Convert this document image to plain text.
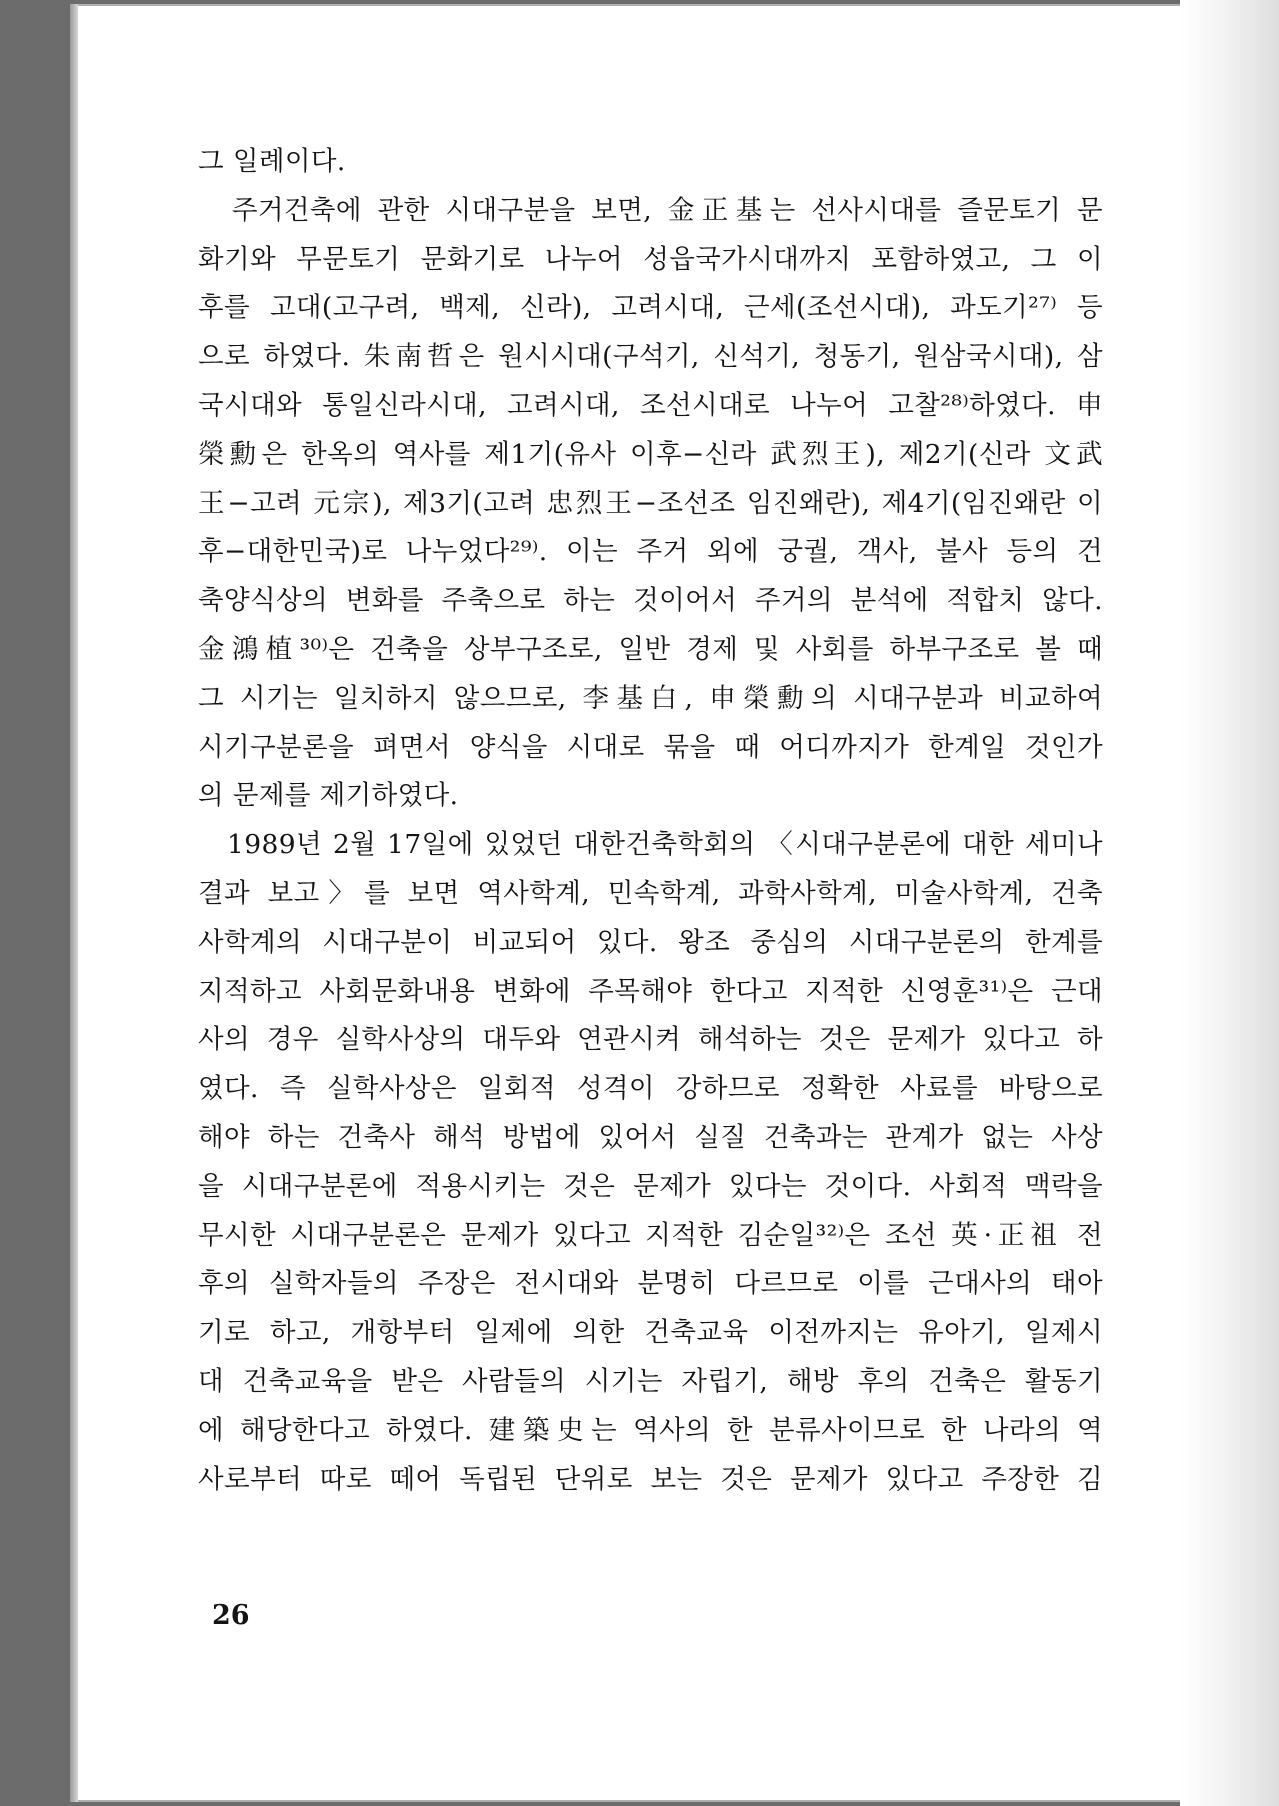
그 일례이다.
　주거건축에 관한 시대구분을 보면, 金正基는 선사시대를 즐문토기 문
화기와 무문토기 문화기로 나누어 성읍국가시대까지 포함하였고, 그 이
후를 고대(고구려, 백제, 신라), 고려시대, 근세(조선시대), 과도기²⁷⁾ 등
으로 하였다. 朱南哲은 원시시대(구석기, 신석기, 청동기, 원삼국시대), 삼
국시대와 통일신라시대, 고려시대, 조선시대로 나누어 고찰²⁸⁾하였다. 申
榮勳은 한옥의 역사를 제1기(유사 이후−신라 武烈王), 제2기(신라 文武
王−고려 元宗), 제3기(고려 忠烈王−조선조 임진왜란), 제4기(임진왜란 이
후−대한민국)로 나누었다²⁹⁾. 이는 주거 외에 궁궐, 객사, 불사 등의 건
축양식상의 변화를 주축으로 하는 것이어서 주거의 분석에 적합치 않다.
金鴻植³⁰⁾은 건축을 상부구조로, 일반 경제 및 사회를 하부구조로 볼 때
그 시기는 일치하지 않으므로, 李基白, 申榮勳의 시대구분과 비교하여
시기구분론을 펴면서 양식을 시대로 묶을 때 어디까지가 한계일 것인가
의 문제를 제기하였다.
　1989년 2월 17일에 있었던 대한건축학회의 〈시대구분론에 대한 세미나
결과 보고〉를 보면 역사학계, 민속학계, 과학사학계, 미술사학계, 건축
사학계의 시대구분이 비교되어 있다. 왕조 중심의 시대구분론의 한계를
지적하고 사회문화내용 변화에 주목해야 한다고 지적한 신영훈³¹⁾은 근대
사의 경우 실학사상의 대두와 연관시켜 해석하는 것은 문제가 있다고 하
였다. 즉 실학사상은 일회적 성격이 강하므로 정확한 사료를 바탕으로
해야 하는 건축사 해석 방법에 있어서 실질 건축과는 관계가 없는 사상
을 시대구분론에 적용시키는 것은 문제가 있다는 것이다. 사회적 맥락을
무시한 시대구분론은 문제가 있다고 지적한 김순일³²⁾은 조선 英·正祖 전
후의 실학자들의 주장은 전시대와 분명히 다르므로 이를 근대사의 태아
기로 하고, 개항부터 일제에 의한 건축교육 이전까지는 유아기, 일제시
대 건축교육을 받은 사람들의 시기는 자립기, 해방 후의 건축은 활동기
에 해당한다고 하였다. 建築史는 역사의 한 분류사이므로 한 나라의 역
사로부터 따로 떼어 독립된 단위로 보는 것은 문제가 있다고 주장한 김
26
